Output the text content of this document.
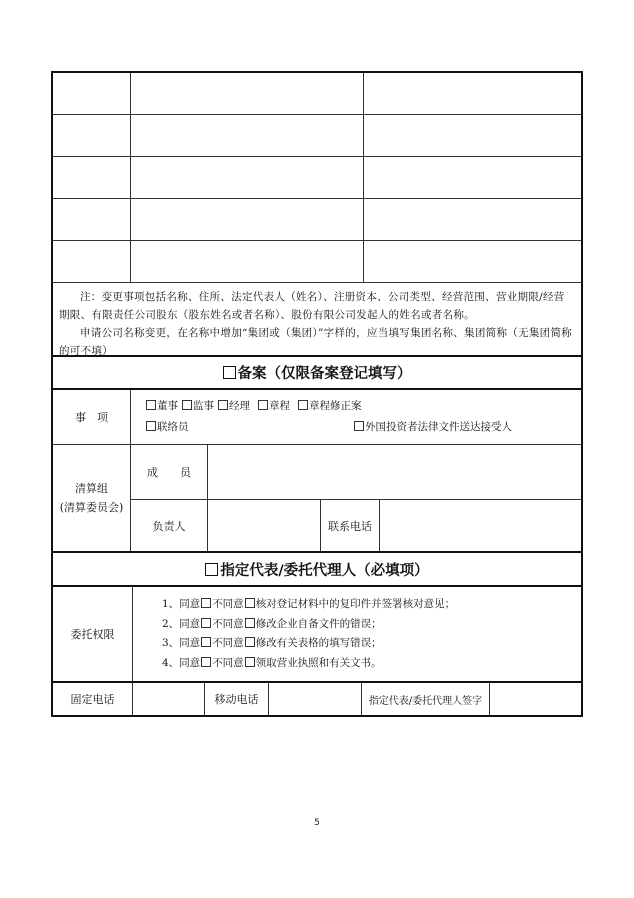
注：变更事项包括名称、住所、法定代表人（姓名）、注册资本、公司类型、经营范围、营业期限/经营期限、有限责任公司股东（股东姓名或者名称）、股份有限公司发起人的姓名或者名称。

申请公司名称变更，在名称中增加“集团或（集团）”字样的，应当填写集团名称、集团简称（无集团简称的可不填）

备案（仅限备案登记填写）
事　项
董事	监事	经理	章程	章程修正案
联络员	外国投资者法律文件送达接受人
清算组
(清算委员会)
成　　员
负责人	联系电话
指定代表/委托代理人（必填项）
委托权限
1、同意 不同意 核对登记材料中的复印件并签署核对意见；
2、同意 不同意 修改企业自备文件的错误；
3、同意 不同意 修改有关表格的填写错误；
4、同意 不同意 领取营业执照和有关文书。
固定电话	移动电话	指定代表/委托代理人签字
5
